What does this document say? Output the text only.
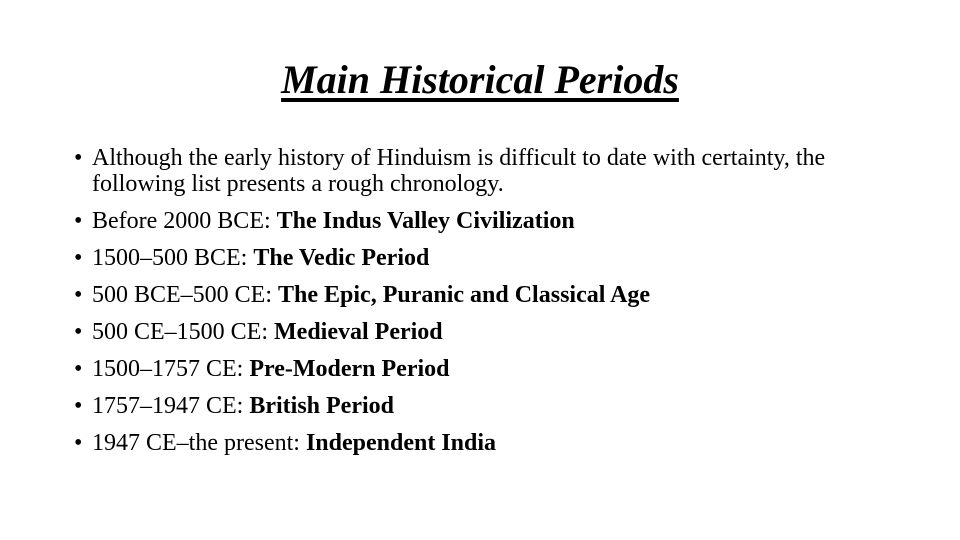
Main Historical Periods
• Although the early history of Hinduism is difficult to date with certainty, the following list presents a rough chronology.
• Before 2000 BCE: The Indus Valley Civilization
• 1500–500 BCE: The Vedic Period
• 500 BCE–500 CE: The Epic, Puranic and Classical Age
• 500 CE–1500 CE: Medieval Period
• 1500–1757 CE: Pre-Modern Period
• 1757–1947 CE: British Period
• 1947 CE–the present: Independent India
